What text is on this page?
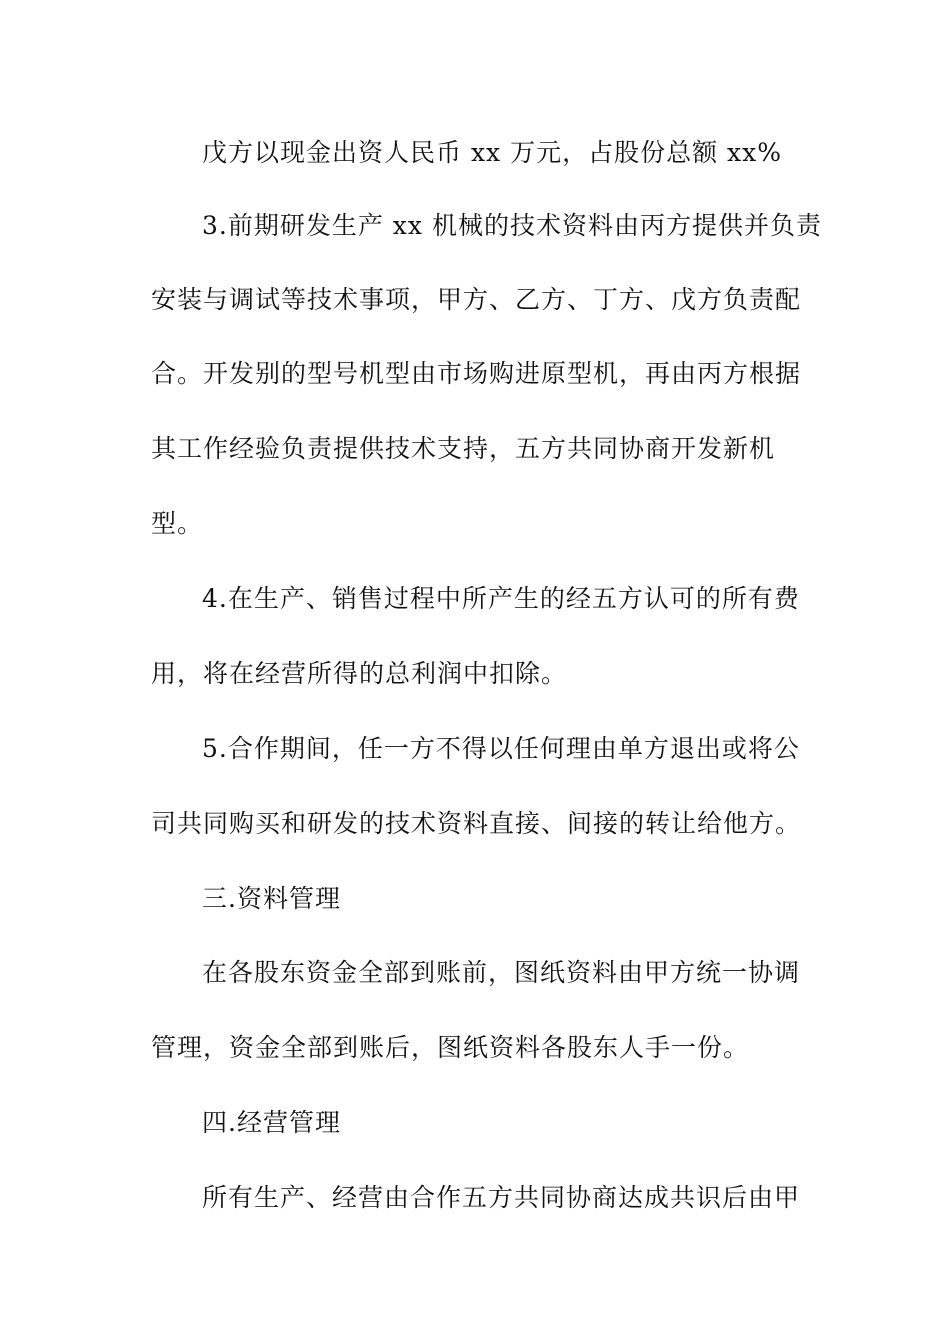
戊方以现金出资人民币 xx 万元，占股份总额 xx%
3.前期研发生产 xx 机械的技术资料由丙方提供并负责
安装与调试等技术事项，甲方、乙方、丁方、戊方负责配
合。开发别的型号机型由市场购进原型机，再由丙方根据
其工作经验负责提供技术支持，五方共同协商开发新机
型。
4.在生产、销售过程中所产生的经五方认可的所有费
用，将在经营所得的总利润中扣除。
5.合作期间，任一方不得以任何理由单方退出或将公
司共同购买和研发的技术资料直接、间接的转让给他方。
三.资料管理
在各股东资金全部到账前，图纸资料由甲方统一协调
管理，资金全部到账后，图纸资料各股东人手一份。
四.经营管理
所有生产、经营由合作五方共同协商达成共识后由甲
